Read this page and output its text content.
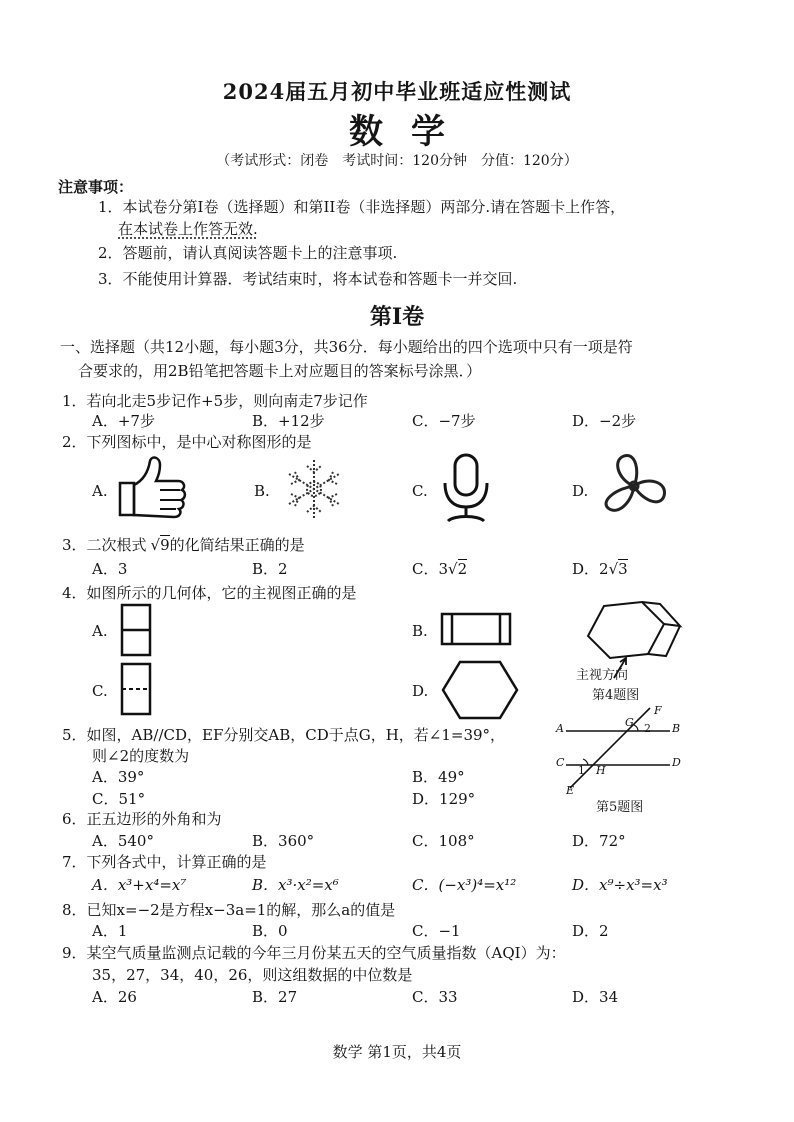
2024届五月初中毕业班适应性测试
数学
（考试形式：闭卷　考试时间：120分钟　分值：120分）
注意事项：
1．本试卷分第I卷（选择题）和第II卷（非选择题）两部分.请在答题卡上作答，
在本试卷上作答无效.
2．答题前，请认真阅读答题卡上的注意事项.
3．不能使用计算器．考试结束时，将本试卷和答题卡一并交回.
第I卷
一、选择题（共12小题，每小题3分，共36分．每小题给出的四个选项中只有一项是符
合要求的，用2B铅笔把答题卡上对应题目的答案标号涂黑．）
1．若向北走5步记作+5步，则向南走7步记作
A．+7步	B．+12步	C．−7步	D．−2步
2．下列图标中，是中心对称图形的是
A.	B.	C.	D.
3．二次根式 √9的化简结果正确的是
A．3	B．2	C．3√2	D．2√3
4．如图所示的几何体，它的主视图正确的是
A.	B.
C.	D.
主视方向
第4题图
5．如图，AB//CD，EF分别交AB，CD于点G，H，若∠1=39°，
则∠2的度数为
A．39°	B．49°
C．51°	D．129°
A	B
C	D
E
F
G
H
1
2
第5题图
6．正五边形的外角和为
A．540°	B．360°	C．108°	D．72°
7．下列各式中，计算正确的是
A．x³+x⁴=x⁷	B．x³·x²=x⁶	C．(−x³)⁴=x¹²	D．x⁹÷x³=x³
8．已知x=−2是方程x−3a=1的解，那么a的值是
A．1	B．0	C．−1	D．2
9．某空气质量监测点记载的今年三月份某五天的空气质量指数（AQI）为：
35，27，34，40，26，则这组数据的中位数是
A．26	B．27	C．33	D．34
数学 第1页，共4页
